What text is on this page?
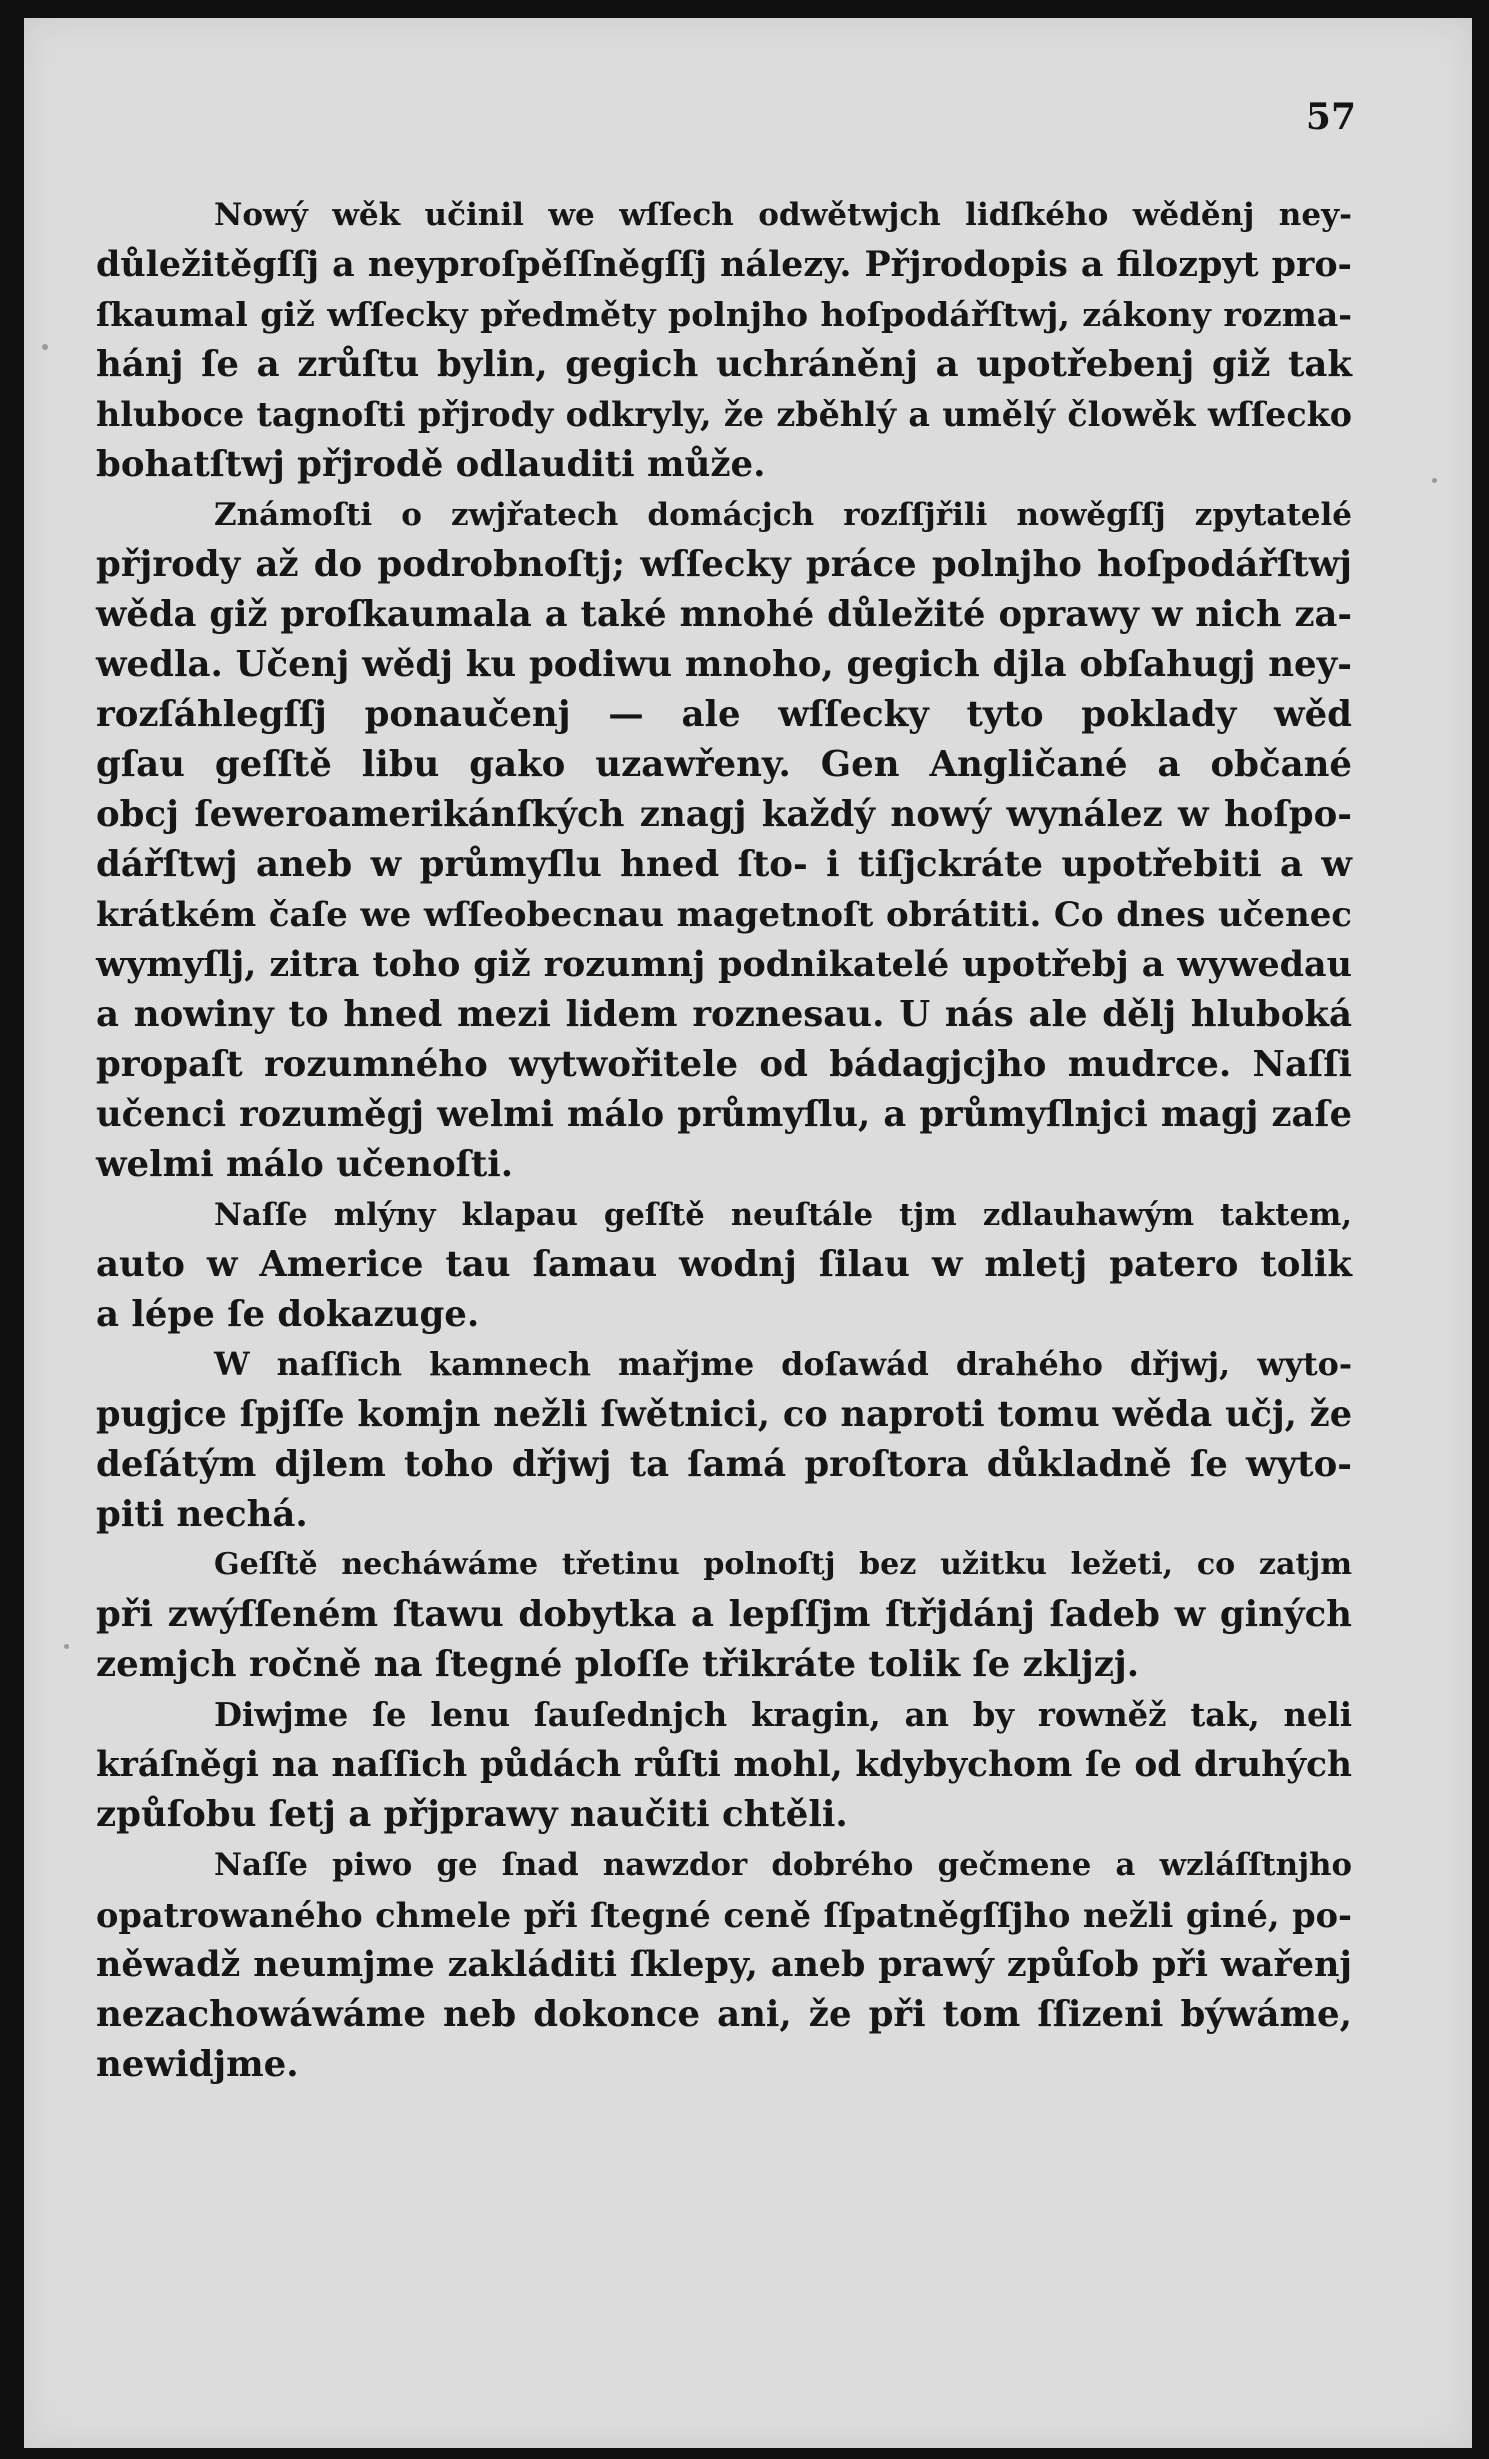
57
Nowý wěk učinil we wſſech odwětwjch lidſkého wěděnj ney-
důležitěgſſj a neyproſpěſſněgſſj nálezy. Přjrodopis a filozpyt pro-
ſkaumal giž wſſecky předměty polnjho hoſpodářſtwj, zákony rozma-
hánj ſe a zrůſtu bylin, gegich uchráněnj a upotřebenj giž tak
hluboce tagnoſti přjrody odkryly, že zběhlý a umělý člowěk wſſecko
bohatſtwj přjrodě odlauditi může.
Známoſti o zwjřatech domácjch rozſſjřili nowěgſſj zpytatelé
přjrody až do podrobnoſtj; wſſecky práce polnjho hoſpodářſtwj
wěda giž proſkaumala a také mnohé důležité oprawy w nich za-
wedla. Učenj wědj ku podiwu mnoho, gegich djla obſahugj ney-
rozſáhlegſſj ponaučenj — ale wſſecky tyto poklady wěd
gſau geſſtě libu gako uzawřeny. Gen Angličané a občané
obcj ſeweroamerikánſkých znagj každý nowý wynález w hoſpo-
dářſtwj aneb w průmyſlu hned ſto- i tiſjckráte upotřebiti a w
krátkém čaſe we wſſeobecnau magetnoſt obrátiti. Co dnes učenec
wymyſlj, zitra toho giž rozumnj podnikatelé upotřebj a wywedau
a nowiny to hned mezi lidem roznesau. U nás ale dělj hluboká
propaſt rozumného wytwořitele od bádagjcjho mudrce. Naſſi
učenci rozuměgj welmi málo průmyſlu, a průmyſlnjci magj zaſe
welmi málo učenoſti.
Naſſe mlýny klapau geſſtě neuſtále tjm zdlauhawým taktem,
auto w Americe tau ſamau wodnj ſilau w mletj patero tolik
a lépe ſe dokazuge.
W naſſich kamnech mařjme doſawád drahého dřjwj, wyto-
pugjce ſpjſſe komjn nežli ſwětnici, co naproti tomu wěda učj, že
deſátým djlem toho dřjwj ta ſamá proſtora důkladně ſe wyto-
piti nechá.
Geſſtě necháwáme třetinu polnoſtj bez užitku ležeti, co zatjm
při zwýſſeném ſtawu dobytka a lepſſjm ſtřjdánj ſadeb w giných
zemjch ročně na ſtegné ploſſe třikráte tolik ſe zkljzj.
Diwjme ſe lenu ſauſednjch kragin, an by rowněž tak, neli
kráſněgi na naſſich půdách růſti mohl, kdybychom ſe od druhých
způſobu ſetj a přjprawy naučiti chtěli.
Naſſe piwo ge ſnad nawzdor dobrého gečmene a wzláſſtnjho
opatrowaného chmele při ſtegné ceně ſſpatněgſſjho nežli giné, po-
něwadž neumjme zakláditi ſklepy, aneb prawý způſob při wařenj
nezachowáwáme neb dokonce ani, že při tom ſſizeni býwáme,
newidjme.
